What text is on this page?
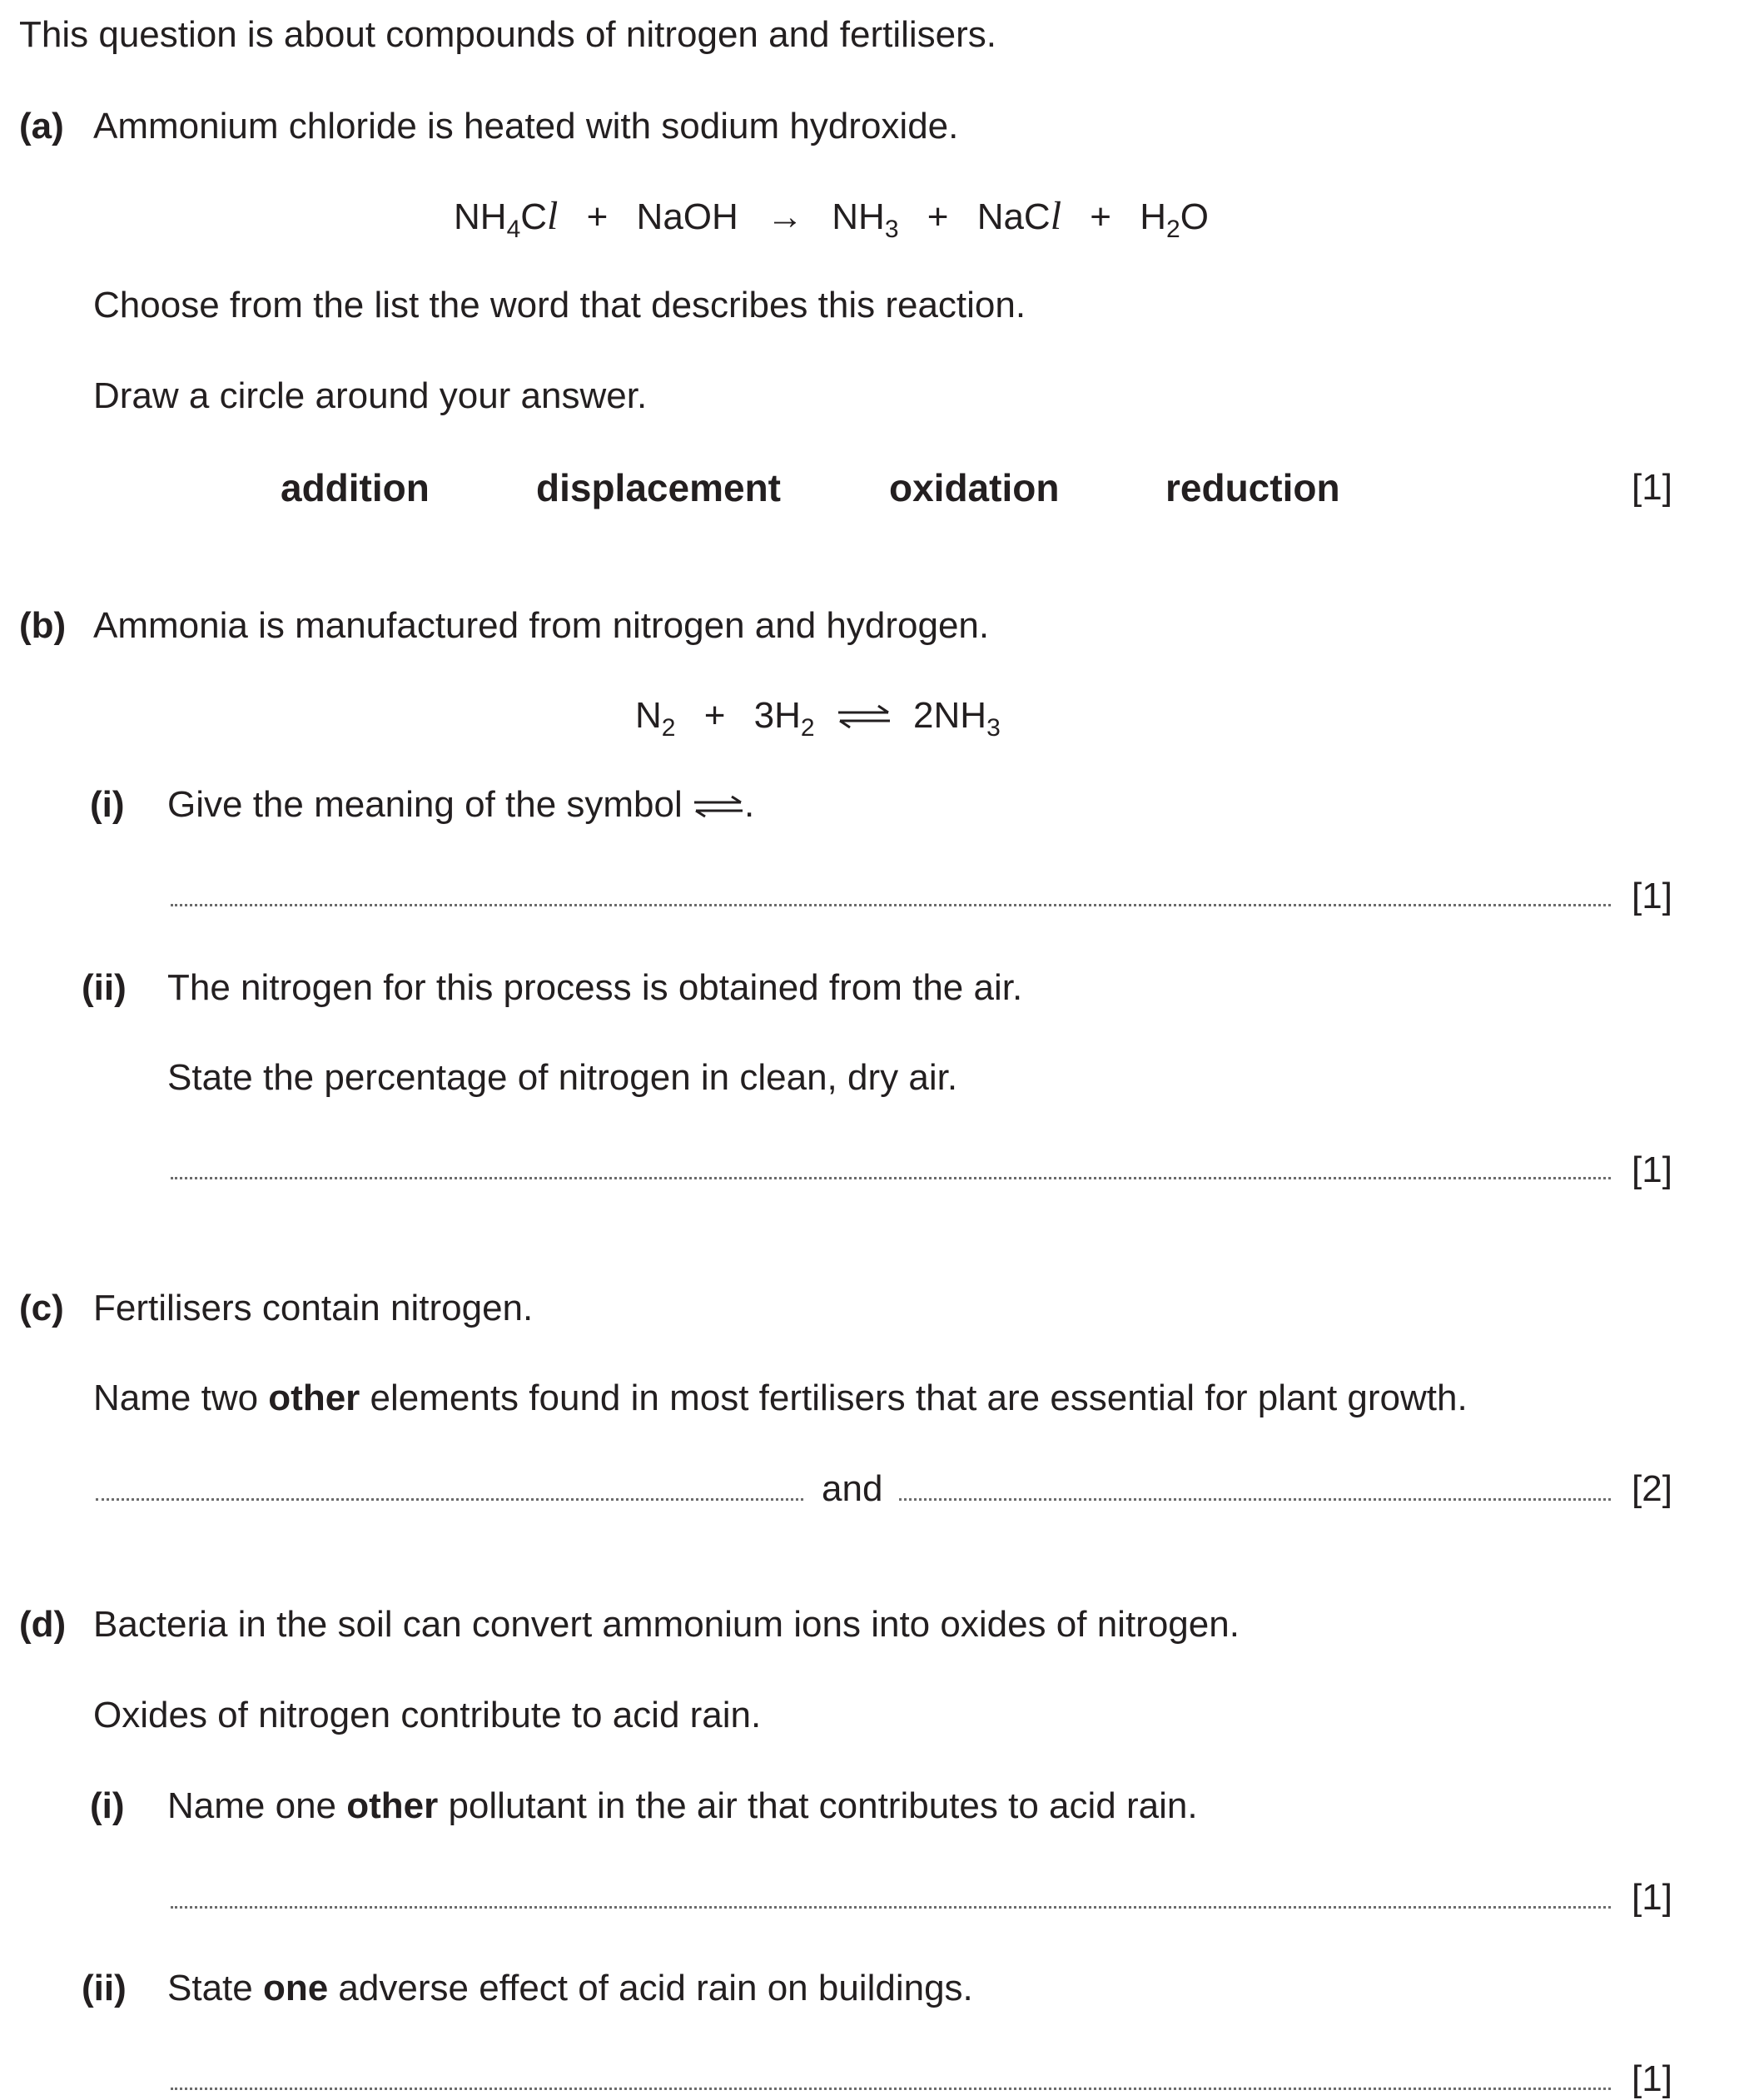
This question is about compounds of nitrogen and fertilisers.
(a) Ammonium chloride is heated with sodium hydroxide.
$NH_4Cl$ + NaOH → $NH_3$ + NaCl + $H_2O$
Choose from the list the word that describes this reaction.
Draw a circle around your answer.
addition	displacement	oxidation	reduction	[1]
(b) Ammonia is manufactured from nitrogen and hydrogen.
$N_2 + 3H_2$ ⇌ $2NH_3$
(i) Give the meaning of the symbol .
[1]
(ii) The nitrogen for this process is obtained from the air.
State the percentage of nitrogen in clean, dry air.
[1]
(c) Fertilisers contain nitrogen.
Name two other elements found in most fertilisers that are essential for plant growth.
and	[2]
(d) Bacteria in the soil can convert ammonium ions into oxides of nitrogen.
Oxides of nitrogen contribute to acid rain.
(i) Name one other pollutant in the air that contributes to acid rain.
[1]
(ii) State one adverse effect of acid rain on buildings.
[1]
